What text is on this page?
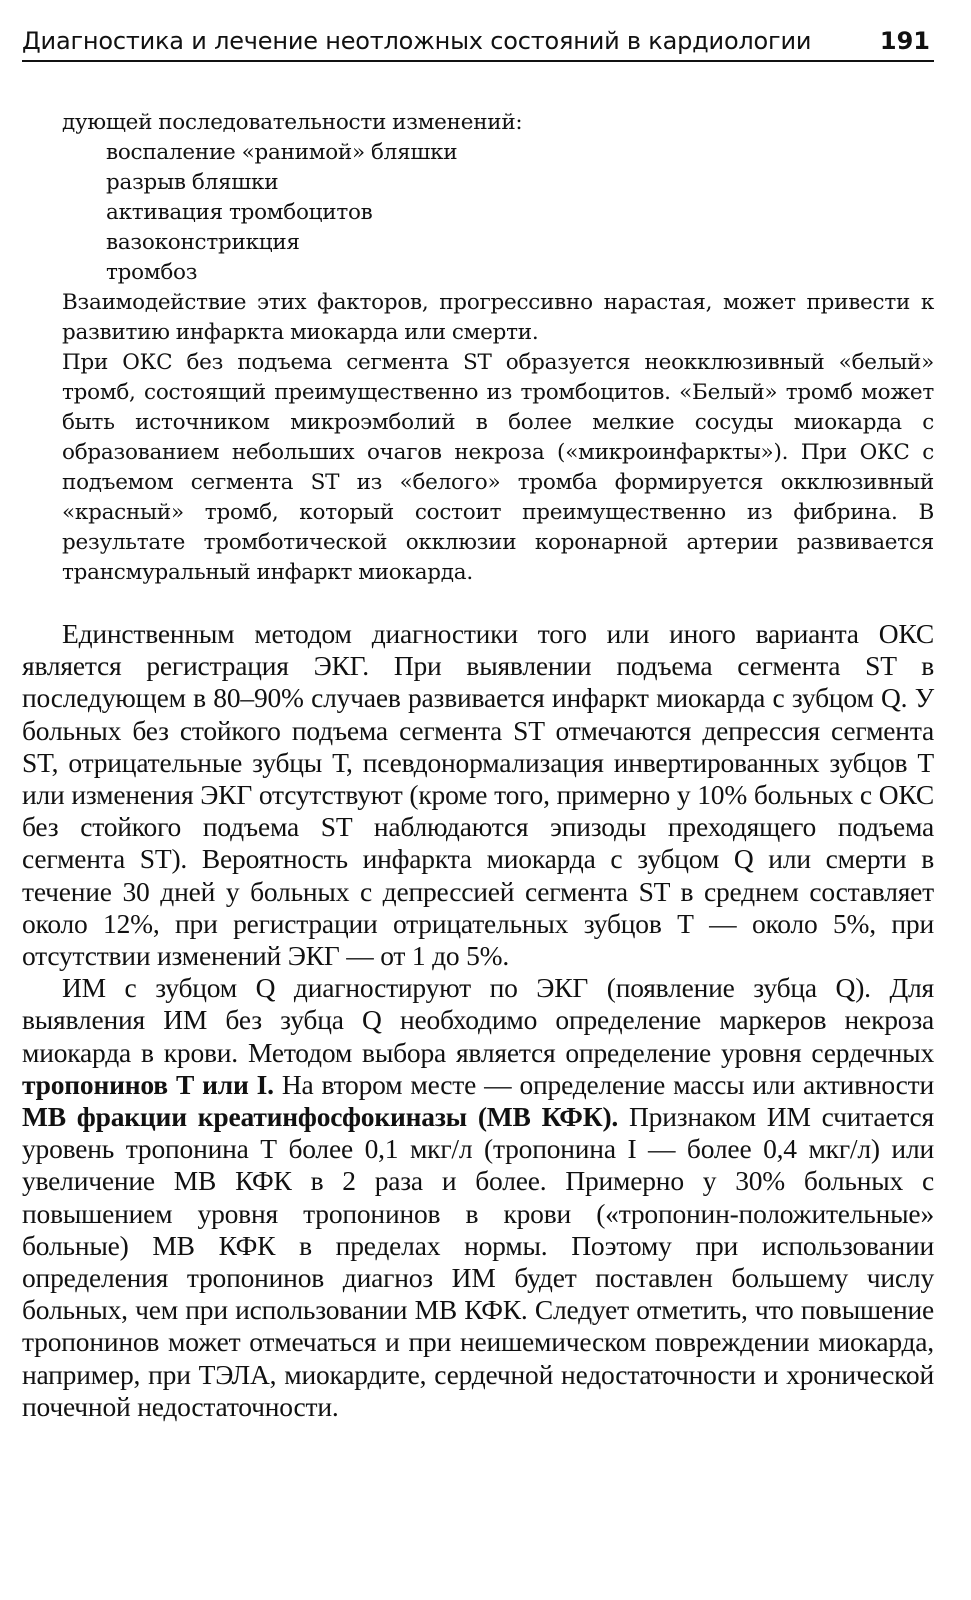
Диагностика и лечение неотложных состояний в кардиологии	191

дующей последовательности изменений:

воспаление «ранимой» бляшки
разрыв бляшки
активация тромбоцитов
вазоконстрикция
тромбоз

Взаимодействие этих факторов, прогрессивно нарастая, может привести к развитию инфаркта миокарда или смерти.

При ОКС без подъема сегмента ST образуется неокклюзивный «белый» тромб, состоящий преимущественно из тромбоцитов. «Белый» тромб может быть источником микроэмболий в более мелкие сосуды миокарда с образованием небольших очагов некроза («микроинфаркты»). При ОКС с подъемом сегмента ST из «белого» тромба формируется окклюзивный «красный» тромб, который состоит преимущественно из фибрина. В результате тромботической окклюзии коронарной артерии развивается трансмуральный инфаркт миокарда.

Единственным методом диагностики того или иного варианта ОКС является регистрация ЭКГ. При выявлении подъема сегмента ST в последующем в 80–90% случаев развивается инфаркт миокарда с зубцом Q. У больных без стойкого подъема сегмента ST отмечаются депрессия сегмента ST, отрицательные зубцы Т, псевдонормализация инвертированных зубцов Т или изменения ЭКГ отсутствуют (кроме того, примерно у 10% больных с ОКС без стойкого подъема ST наблюдаются эпизоды преходящего подъема сегмента ST). Вероятность инфаркта миокарда с зубцом Q или смерти в течение 30 дней у больных с депрессией сегмента ST в среднем составляет около 12%, при регистрации отрицательных зубцов Т — около 5%, при отсутствии изменений ЭКГ — от 1 до 5%.

ИМ с зубцом Q диагностируют по ЭКГ (появление зубца Q). Для выявления ИМ без зубца Q необходимо определение маркеров некроза миокарда в крови. Методом выбора является определение уровня сердечных тропонинов Т или I. На втором месте — определение массы или активности МВ фракции креатинфосфокиназы (МВ КФК). Признаком ИМ считается уровень тропонина Т более 0,1 мкг/л (тропонина I — более 0,4 мкг/л) или увеличение МВ КФК в 2 раза и более. Примерно у 30% больных с повышением уровня тропонинов в крови («тропонин-положительные» больные) МВ КФК в пределах нормы. Поэтому при использовании определения тропонинов диагноз ИМ будет поставлен большему числу больных, чем при использовании МВ КФК. Следует отметить, что повышение тропонинов может отмечаться и при неишемическом повреждении миокарда, например, при ТЭЛА, миокардите, сердечной недостаточности и хронической почечной недостаточности.
